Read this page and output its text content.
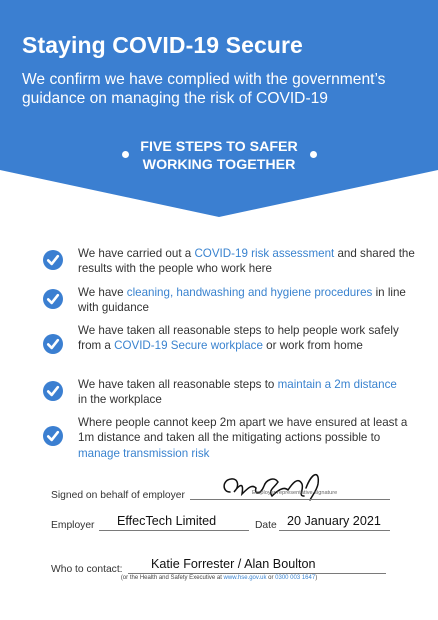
Staying COVID-19 Secure
We confirm we have complied with the government’s guidance on managing the risk of COVID-19
FIVE STEPS TO SAFER
WORKING TOGETHER
We have carried out a COVID-19 risk assessment and shared the results with the people who work here
We have cleaning, handwashing and hygiene procedures in line with guidance
We have taken all reasonable steps to help people work safely from a COVID-19 Secure workplace or work from home
We have taken all reasonable steps to maintain a 2m distance in the workplace
Where people cannot keep 2m apart we have ensured at least a 1m distance and taken all the mitigating actions possible to manage transmission risk
Signed on behalf of employer	Employer representative signature
Employer EffecTech Limited	Date 20 January 2021
Who to contact: Katie Forrester / Alan Boulton
(or the Health and Safety Executive at www.hse.gov.uk or 0300 003 1647)
